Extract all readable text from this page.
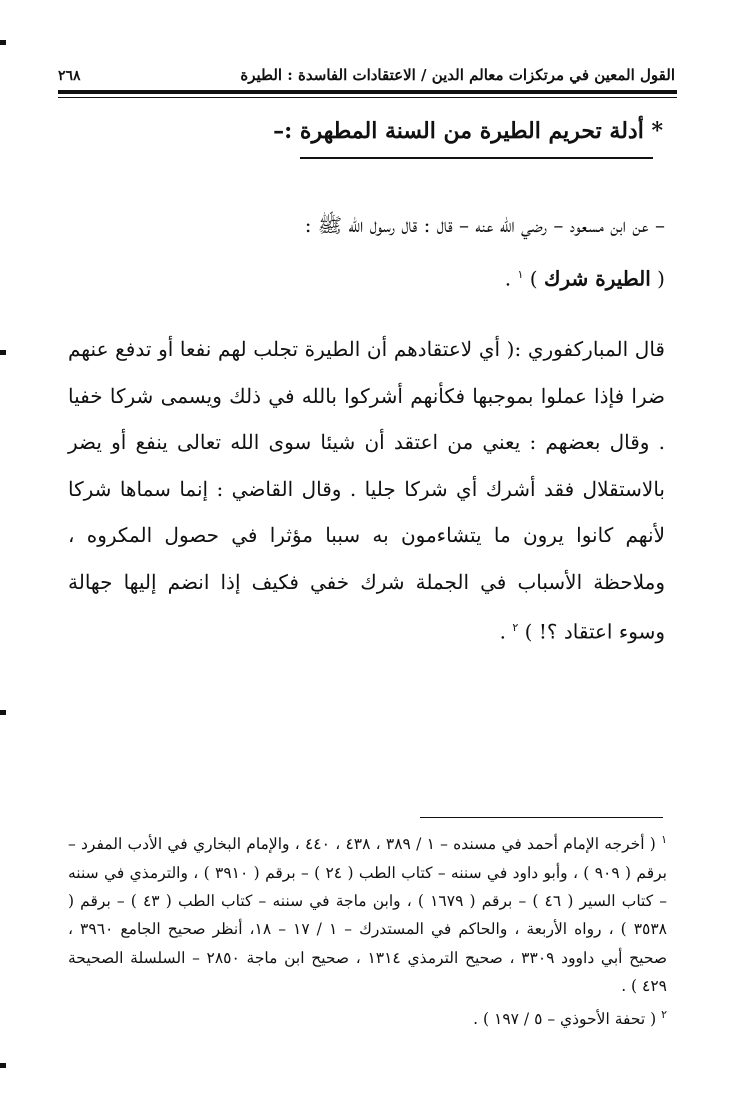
القول المعين في مرتكزات معالم الدين / الاعتقادات الفاسدة : الطيرة
٢٦٨
* أدلة تحريم الطيرة من السنة المطهرة :–
– عن ابن مسعود – رضي الله عنه – قال : قال رسول الله ﷺ :
( الطيرة شرك ) $^١$ .
قال المباركفوري :( أي لاعتقادهم أن الطيرة تجلب لهم نفعا أو تدفع عنهم ضرا فإذا عملوا بموجبها فكأنهم أشركوا بالله في ذلك ويسمى شركا خفيا . وقال بعضهم : يعني من اعتقد أن شيئا سوى الله تعالى ينفع أو يضر بالاستقلال فقد أشرك أي شركا جليا . وقال القاضي : إنما سماها شركا لأنهم كانوا يرون ما يتشاءمون به سببا مؤثرا في حصول المكروه ، وملاحظة الأسباب في الجملة شرك خفي فكيف إذا انضم إليها جهالة وسوء اعتقاد ؟! ) $^٢$ .

$^١$ ( أخرجه الإمام أحمد في مسنده – ١ / ٣٨٩ ، ٤٣٨ ، ٤٤٠ ، والإمام البخاري في الأدب المفرد – برقم ( ٩٠٩ ) ، وأبو داود في سننه – كتاب الطب ( ٢٤ ) – برقم ( ٣٩١٠ ) ، والترمذي في سننه – كتاب السير ( ٤٦ ) – برقم ( ١٦٧٩ ) ، وابن ماجة في سننه – كتاب الطب ( ٤٣ ) – برقم ( ٣٥٣٨ ) ، رواه الأربعة ، والحاكم في المستدرك – ١ / ١٧ – ١٨، أنظر صحيح الجامع ٣٩٦٠ ، صحيح أبي داوود ٣٣٠٩ ، صحيح الترمذي ١٣١٤ ، صحيح ابن ماجة ٢٨٥٠ – السلسلة الصحيحة ٤٢٩ ) .

$^٢$ ( تحفة الأحوذي – ٥ / ١٩٧ ) .
